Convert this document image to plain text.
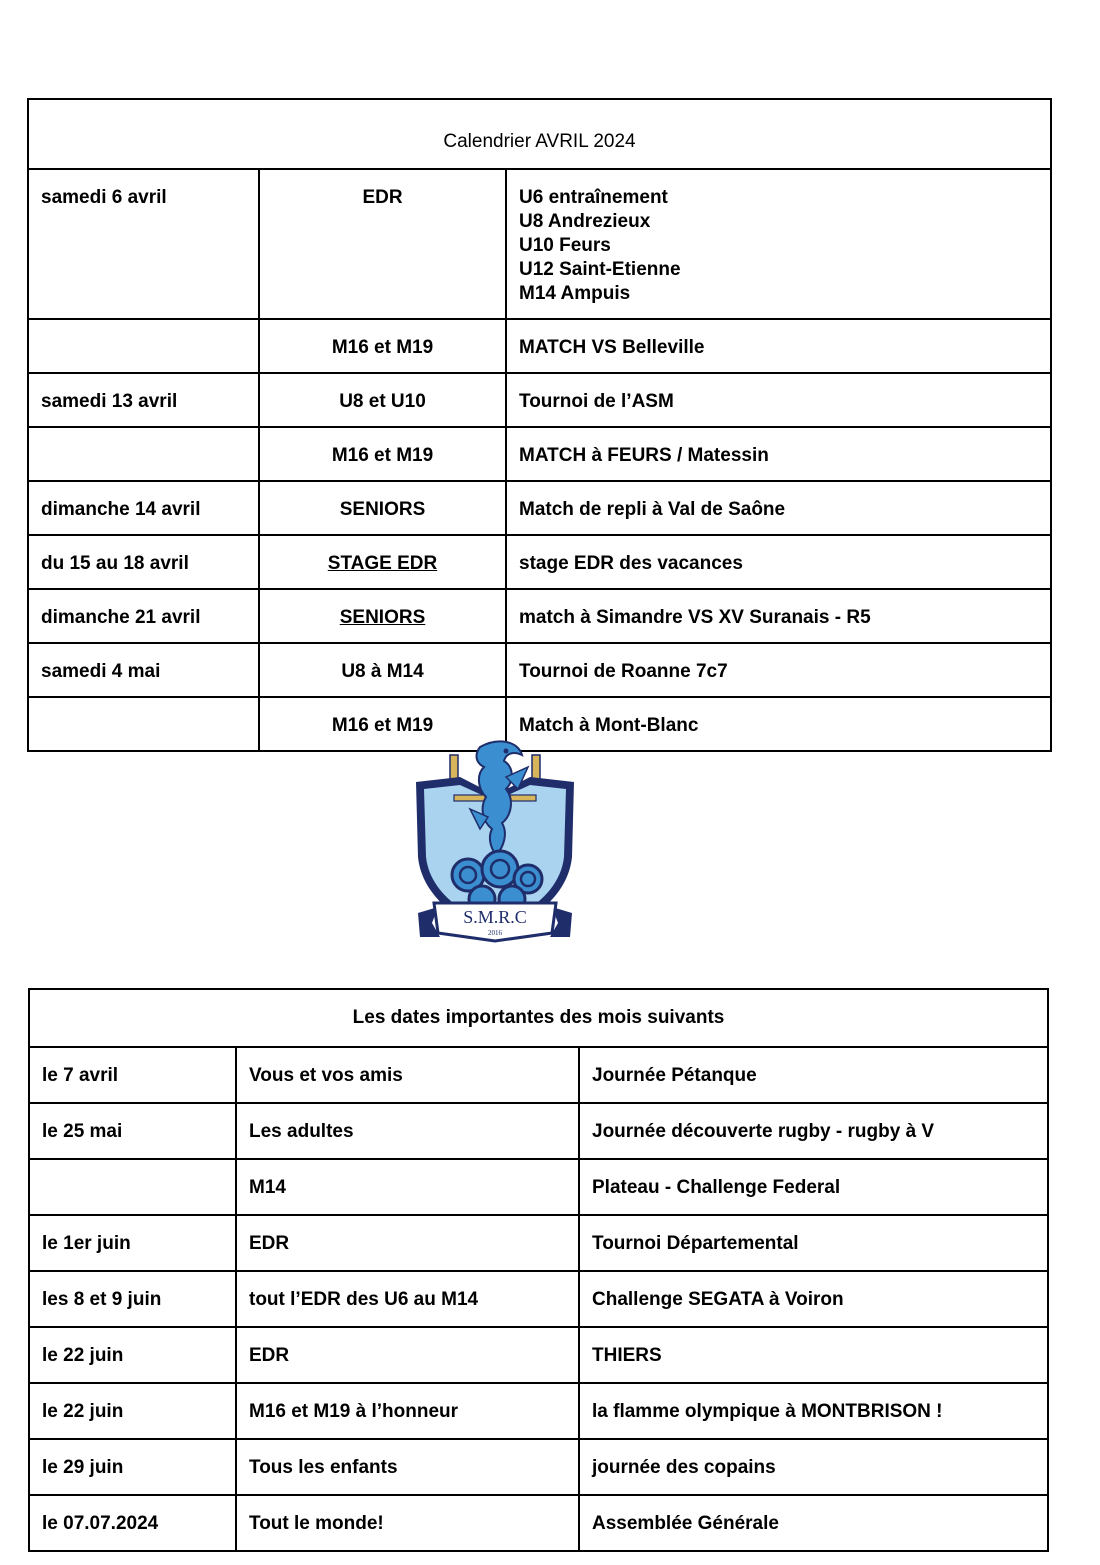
Calendrier AVRIL 2024		
samedi 6 avril	EDR	U6 entraînement
U8 Andrezieux
U10 Feurs
U12 Saint-Etienne
M14 Ampuis

	M16 et M19	MATCH VS Belleville
samedi 13 avril	U8 et U10	Tournoi de l’ASM
	M16 et M19	MATCH à FEURS / Matessin
dimanche 14 avril	SENIORS	Match de repli à Val de Saône
du 15 au 18 avril	STAGE EDR	stage EDR des vacances
dimanche 21 avril	SENIORS	match à Simandre VS XV Suranais - R5
samedi 4 mai	U8 à M14	Tournoi de Roanne 7c7
	M16 et M19	Match à Mont-Blanc
S.M.R.C
2016
Les dates importantes des mois suivants		
le 7 avril	Vous et vos amis	Journée Pétanque
le 25 mai	Les adultes	Journée découverte rugby - rugby à V
	M14	Plateau - Challenge Federal
le 1er juin	EDR	Tournoi Départemental
les 8 et 9 juin	tout l’EDR des U6 au M14	Challenge SEGATA à Voiron
le 22 juin	EDR	THIERS
le 22 juin	M16 et M19 à l’honneur	la flamme olympique à MONTBRISON !
le 29 juin	Tous les enfants	journée des copains
le 07.07.2024	Tout le monde!	Assemblée Générale
